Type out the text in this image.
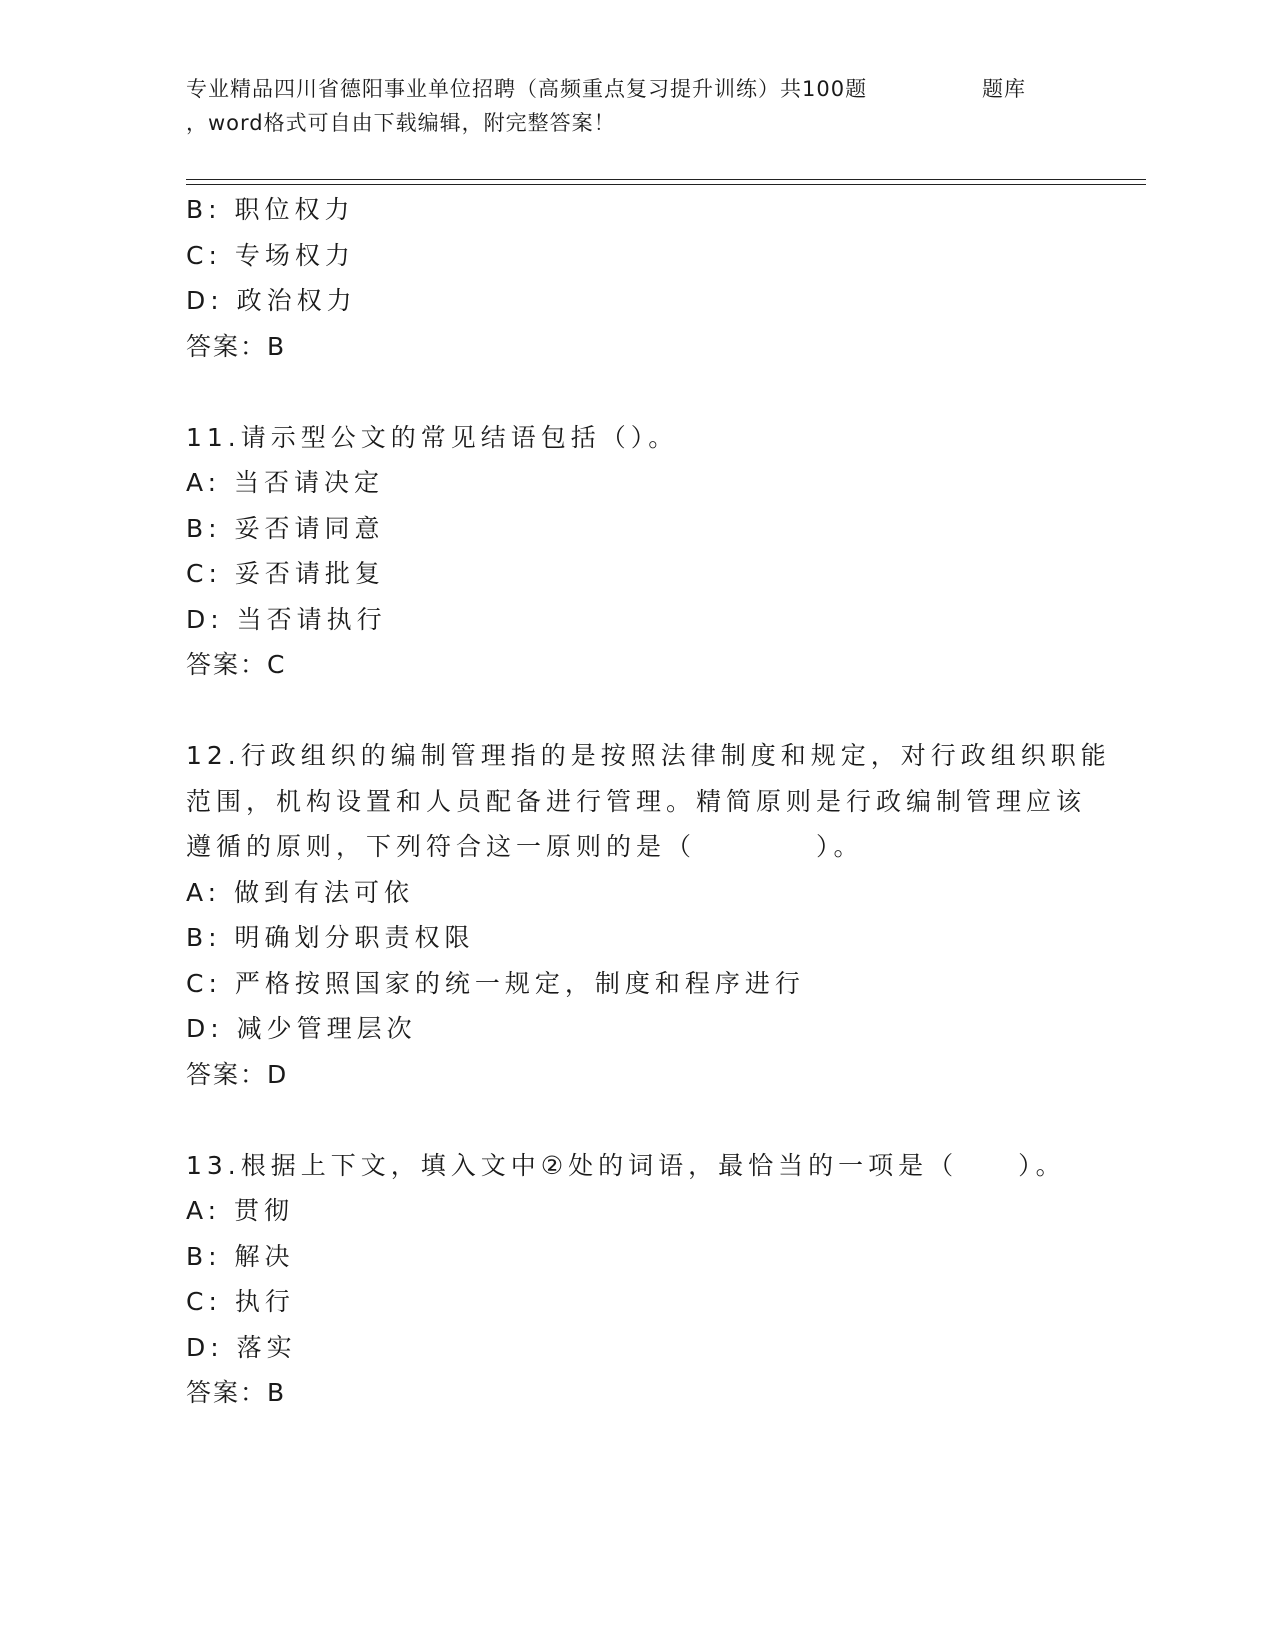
专业精品四川省德阳事业单位招聘（高频重点复习提升训练）共100题	题库
，word格式可自由下载编辑，附完整答案！
B: 职位权力
C: 专场权力
D: 政治权力
答案：B
11.请示型公文的常见结语包括（）。
A: 当否请决定
B: 妥否请同意
C: 妥否请批复
D: 当否请执行
答案：C
12.行政组织的编制管理指的是按照法律制度和规定，对行政组织职能
范围，机构设置和人员配备进行管理。精简原则是行政编制管理应该
遵循的原则，下列符合这一原则的是（　　　　）。
A: 做到有法可依
B: 明确划分职责权限
C: 严格按照国家的统一规定，制度和程序进行
D: 减少管理层次
答案：D
13.根据上下文，填入文中②处的词语，最恰当的一项是（　　）。
A: 贯彻
B: 解决
C: 执行
D: 落实
答案：B
